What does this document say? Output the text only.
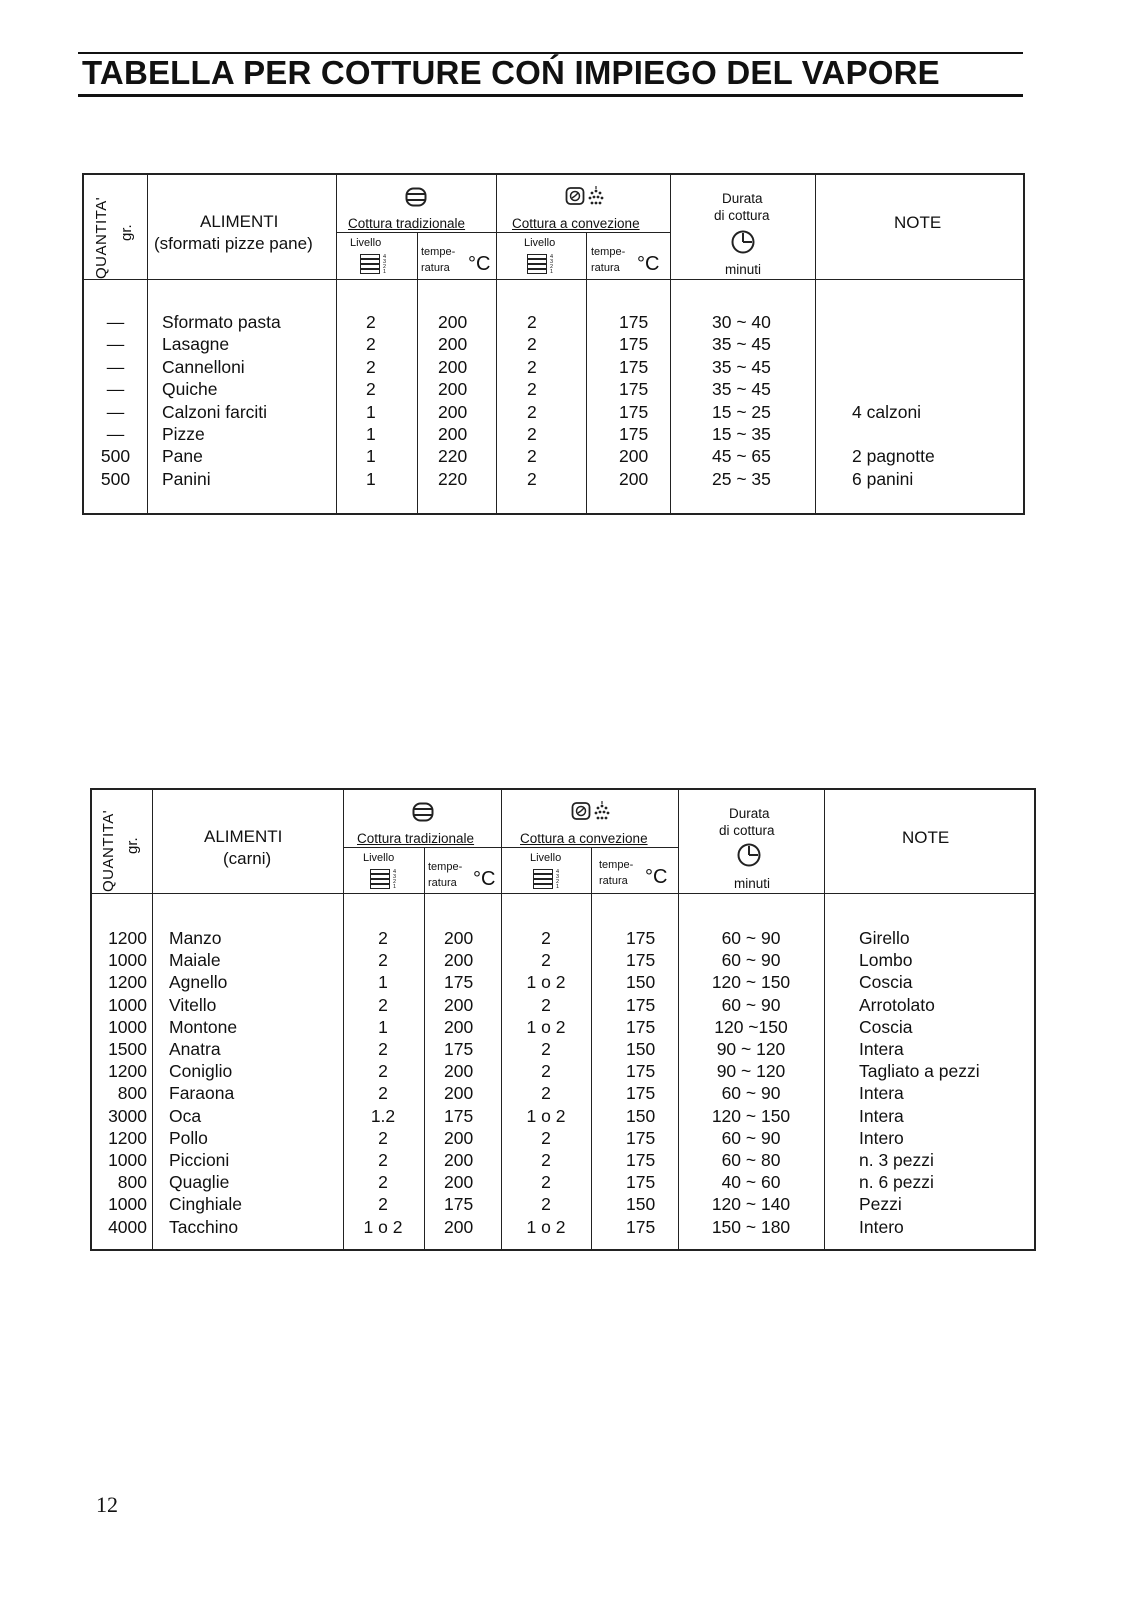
TABELLA PER COTTURE COŃ IMPIEGO DEL VAPORE
QUANTITA' gr.
ALIMENTI
(sformati pizze pane)
Cottura tradizionale	Cottura a convezione
Livello
4
3
2
1
tempe-
ratura °C
Livello
4
3
2
1
tempe-
ratura °C
Durata
di cottura
minuti
NOTE
—	Sformato pasta	2	200	2	175	30 ~ 40
—	Lasagne	2	200	2	175	35 ~ 45
—	Cannelloni	2	200	2	175	35 ~ 45
—	Quiche	2	200	2	175	35 ~ 45
—	Calzoni farciti	1	200	2	175	15 ~ 25	4 calzoni
—	Pizze	1	200	2	175	15 ~ 35
500	Pane	1	220	2	200	45 ~ 65	2 pagnotte
500	Panini	1	220	2	200	25 ~ 35	6 panini
QUANTITA' gr.	ALIMENTI
(carni)
Cottura tradizionale	Cottura a convezione
Livello
4
3
2
1
tempe-
ratura °C
Livello
4
3
2
1
tempe-
ratura °C
Durata
di cottura
minuti
NOTE
1200 Manzo	2	200	2	175	60 ~ 90	Girello
1000 Maiale	2	200	2	175	60 ~ 90	Lombo
1200 Agnello	1	175	1 o 2	150	120 ~ 150	Coscia
1000 Vitello	2	200	2	175	60 ~ 90	Arrotolato
1000 Montone	1	200	1 o 2	175	120 ~150	Coscia
1500 Anatra	2	175	2	150	90 ~ 120	Intera
1200 Coniglio	2	200	2	175	90 ~ 120	Tagliato a pezzi
800 Faraona	2	200	2	175	60 ~ 90	Intera
3000 Oca	1.2	175	1 o 2	150	120 ~ 150	Intera
1200 Pollo	2	200	2	175	60 ~ 90	Intero
1000 Piccioni	2	200	2	175	60 ~ 80	n. 3 pezzi
800 Quaglie	2	200	2	175	40 ~ 60	n. 6 pezzi
1000 Cinghiale	2	175	2	150	120 ~ 140	Pezzi
4000 Tacchino	1 o 2	200	1 o 2	175	150 ~ 180	Intero
12
